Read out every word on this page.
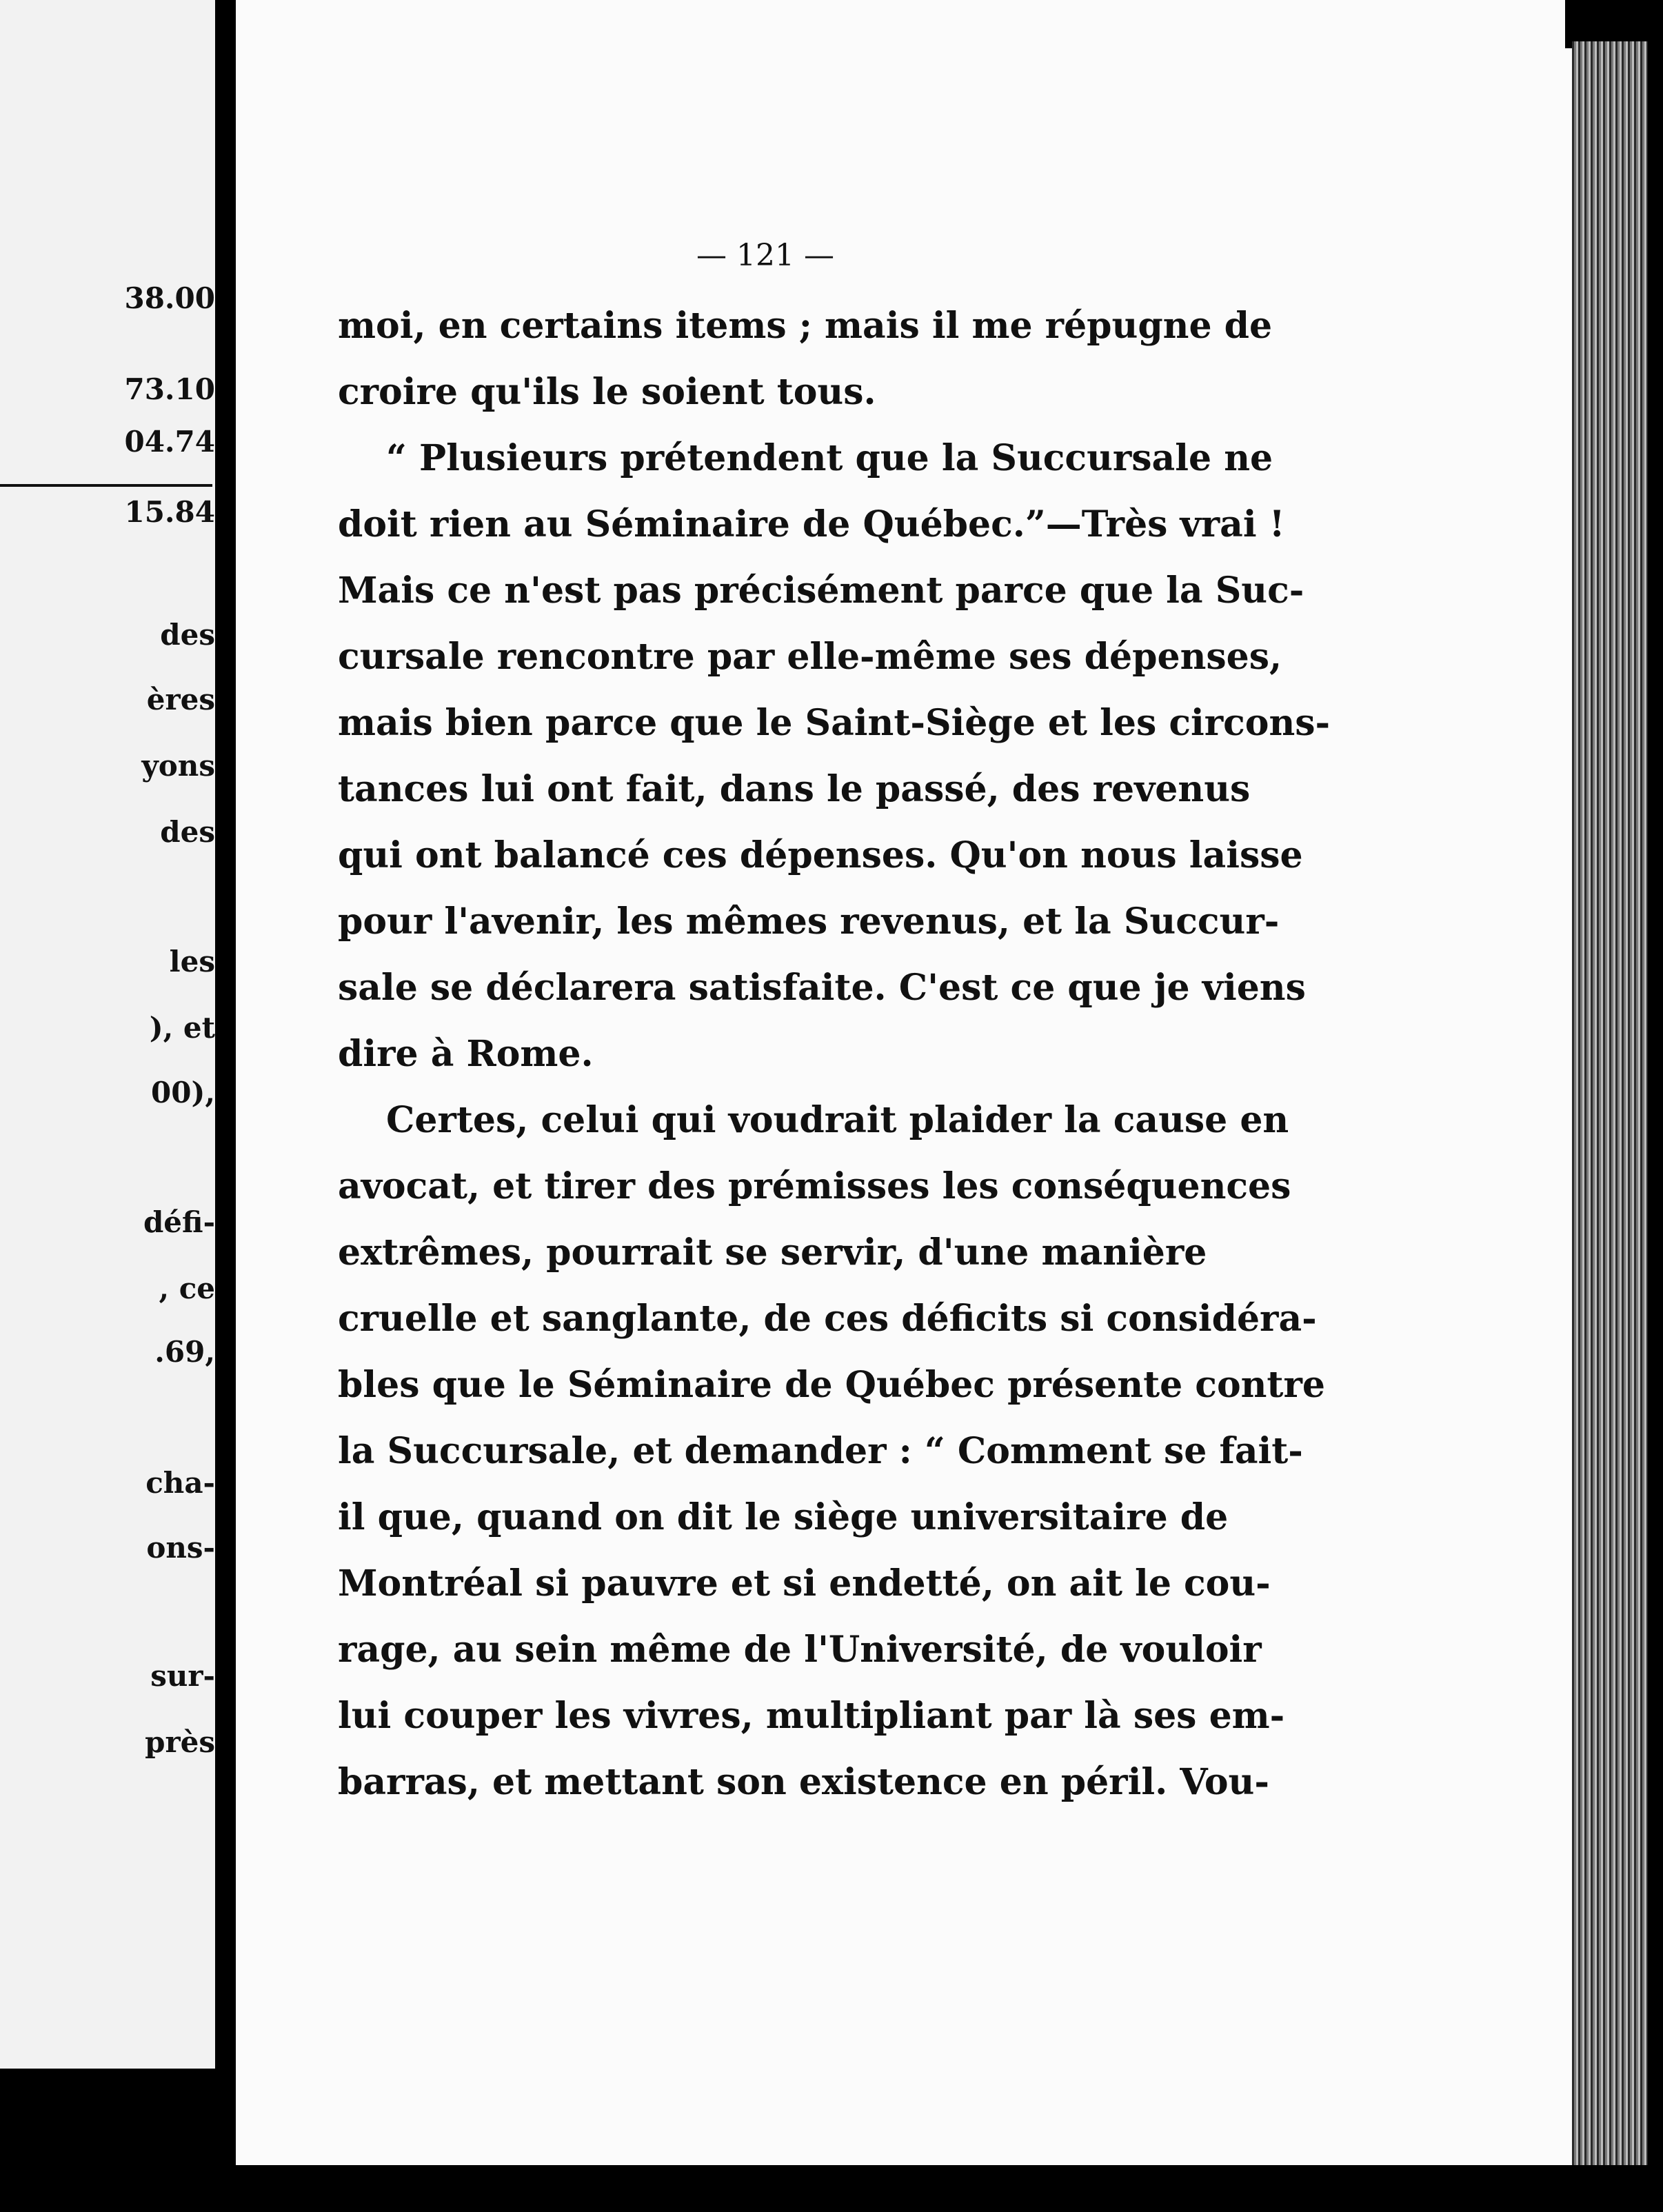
38.00
73.10
04.74
15.84
des
ères
yons
des
les
), et
00),
défi-
, ce
.69,
cha-
ons-
sur-
près
— 121 —
moi, en certains items ; mais il me répugne de
croire qu'ils le soient tous.
“ Plusieurs prétendent que la Succursale ne
doit rien au Séminaire de Québec.”—Très vrai !
Mais ce n'est pas précisément parce que la Suc-
cursale rencontre par elle-même ses dépenses,
mais bien parce que le Saint-Siège et les circons-
tances lui ont fait, dans le passé, des revenus
qui ont balancé ces dépenses. Qu'on nous laisse
pour l'avenir, les mêmes revenus, et la Succur-
sale se déclarera satisfaite. C'est ce que je viens
dire à Rome.
Certes, celui qui voudrait plaider la cause en
avocat, et tirer des prémisses les conséquences
extrêmes, pourrait se servir, d'une manière
cruelle et sanglante, de ces déficits si considéra-
bles que le Séminaire de Québec présente contre
la Succursale, et demander : “ Comment se fait-
il que, quand on dit le siège universitaire de
Montréal si pauvre et si endetté, on ait le cou-
rage, au sein même de l'Université, de vouloir
lui couper les vivres, multipliant par là ses em-
barras, et mettant son existence en péril. Vou-
